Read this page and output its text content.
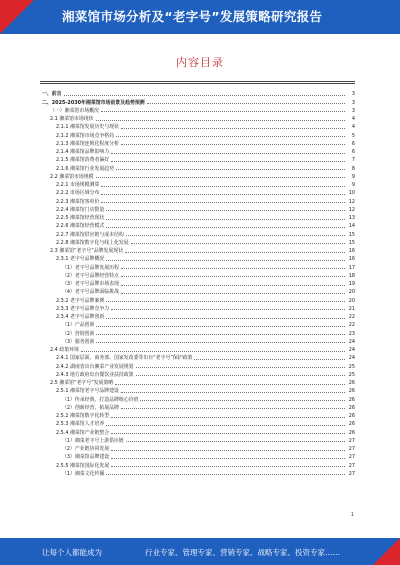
湘菜馆市场分析及“老字号”发展策略研究报告
内容目录
一、前言	3
二、2025-2030年湘菜馆市场前景及趋势预测	3
（一）湘菜馆市场概况	3
2.1 湘菜馆市场现状	4
2.1.1 湘菜馆发展历史与现状	4
2.1.2 湘菜馆市场竞争格局	5
2.1.3 湘菜馆连锁化程度分析	6
2.1.4 湘菜馆品牌影响力	6
2.1.5 湘菜馆消费者偏好	7
2.1.6 湘菜馆行业发展趋势	8
2.2 湘菜馆市场规模	9
2.2.1 市场规模测算	9
2.2.2 市场区域分布	10
2.2.3 湘菜馆客单价	12
2.2.4 湘菜馆门店数量	12
2.2.5 湘菜馆经营现状	13
2.2.6 湘菜馆经营模式	14
2.2.7 湘菜馆供应链与成本结构	15
2.2.8 湘菜馆数字化与线上化发展	15
2.3 湘菜馆“老字号”品牌发展现状	16
2.3.1 老字号品牌概况	16
（1）老字号品牌发展历程	17
（2）老字号品牌经营特点	18
（3）老字号品牌市场表现	19
（4）老字号品牌面临挑战	20
2.3.2 老字号品牌案例	20
2.3.3 老字号品牌竞争力	21
2.3.4 老字号品牌创新	22
（1）产品创新	22
（2）营销创新	23
（3）服务创新	24
2.4 政策环境	24
2.4.1 国家层面，商务部、国家发改委等出台“老字号”保护政策	24
2.4.2 湖南省出台湘菜产业发展规划	25
2.4.3 地方政府出台餐饮业扶持政策	25
2.5 湘菜馆“老字号”发展策略	26
2.5.1 湘菜馆老字号品牌建设	26
（1）传承经典，打造品牌核心价值	26
（2）创新经营，拓展品牌	26
2.5.2 湘菜馆数字化转型	26
2.5.3 湘菜馆人才培养	26
2.5.4 湘菜馆产业链整合	26
（1）湘菜老字号上游供应链	27
（2）产业链协同发展	27
（3）湘菜馆品牌建设	27
2.5.5 湘菜馆国际化发展	27
（1）湘菜文化传播	27
1
让每个人都能成为	行业专家、管理专家、营销专家、战略专家、投资专家……
